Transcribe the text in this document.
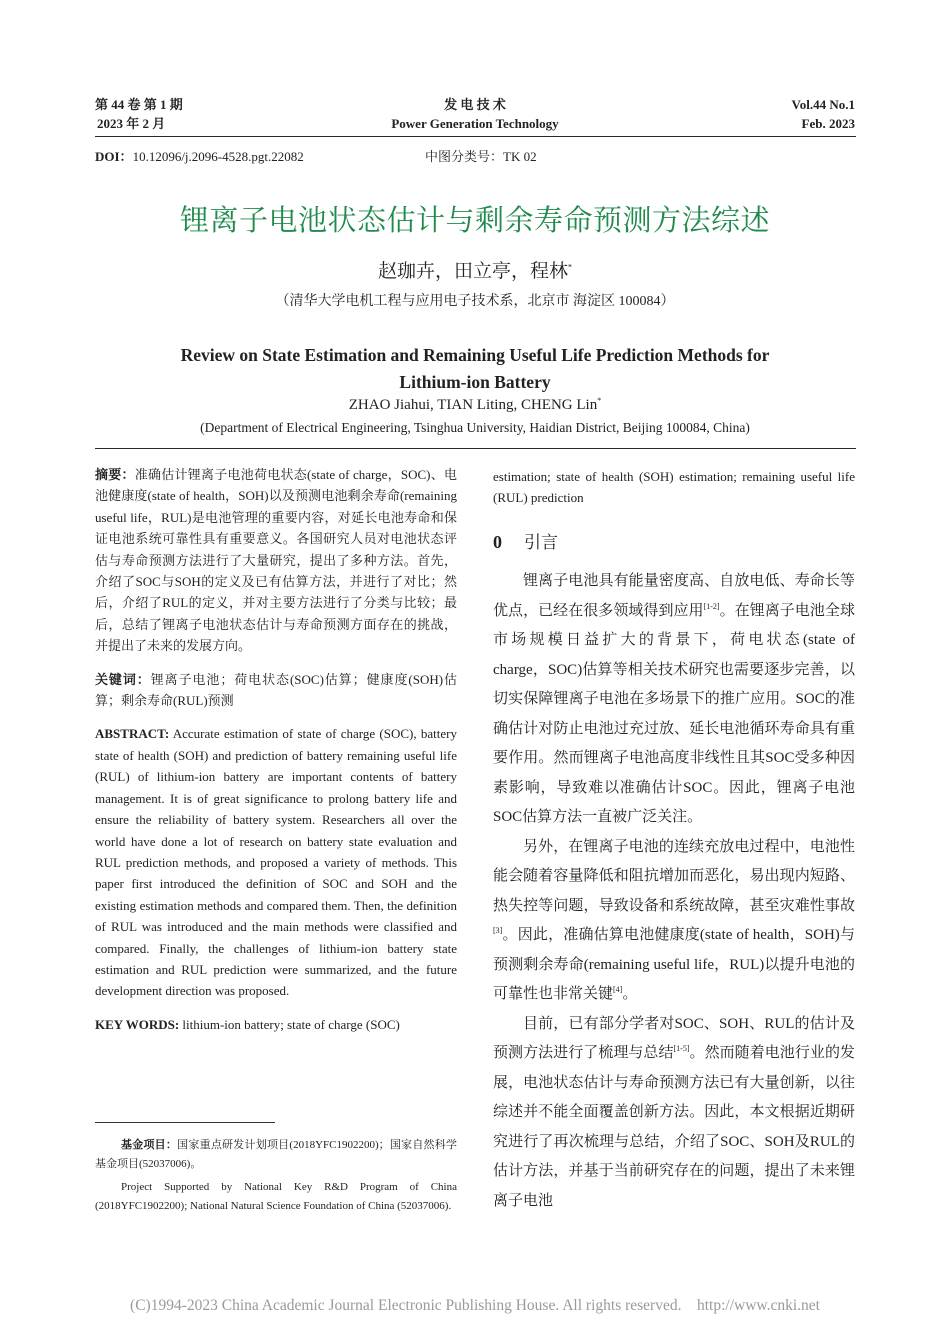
第 44 卷 第 1 期
2023 年 2 月
发 电 技 术
Power Generation Technology
Vol.44 No.1
Feb. 2023
DOI：10.12096/j.2096-4528.pgt.22082	中图分类号：TK 02
锂离子电池状态估计与剩余寿命预测方法综述
赵珈卉，田立亭，程林*
（清华大学电机工程与应用电子技术系，北京市 海淀区 100084）
Review on State Estimation and Remaining Useful Life Prediction Methods for
Lithium-ion Battery
ZHAO Jiahui, TIAN Liting, CHENG Lin*
(Department of Electrical Engineering, Tsinghua University, Haidian District, Beijing 100084, China)

摘要：准确估计锂离子电池荷电状态(state of charge，SOC)、电池健康度(state of health，SOH)以及预测电池剩余寿命(remaining useful life，RUL)是电池管理的重要内容，对延长电池寿命和保证电池系统可靠性具有重要意义。各国研究人员对电池状态评估与寿命预测方法进行了大量研究，提出了多种方法。首先，介绍了SOC与SOH的定义及已有估算方法，并进行了对比；然后，介绍了RUL的定义，并对主要方法进行了分类与比较；最后，总结了锂离子电池状态估计与寿命预测方面存在的挑战，并提出了未来的发展方向。

关键词：锂离子电池；荷电状态(SOC)估算；健康度(SOH)估算；剩余寿命(RUL)预测

ABSTRACT: Accurate estimation of state of charge (SOC), battery state of health (SOH) and prediction of battery remaining useful life (RUL) of lithium-ion battery are important contents of battery management. It is of great significance to prolong battery life and ensure the reliability of battery system. Researchers all over the world have done a lot of research on battery state evaluation and RUL prediction methods, and proposed a variety of methods. This paper first introduced the definition of SOC and SOH and the existing estimation methods and compared them. Then, the definition of RUL was introduced and the main methods were classified and compared. Finally, the challenges of lithium-ion battery state estimation and RUL prediction were summarized, and the future development direction was proposed.

KEY WORDS: lithium-ion battery; state of charge (SOC)

基金项目：国家重点研发计划项目(2018YFC1902200)；国家自然科学基金项目(52037006)。
Project Supported by National Key R&D Program of China (2018YFC1902200); National Natural Science Foundation of China (52037006).
estimation; state of health (SOH) estimation; remaining useful life (RUL) prediction
0 引言

锂离子电池具有能量密度高、自放电低、寿命长等优点，已经在很多领域得到应用[1-2]。在锂离子电池全球市场规模日益扩大的背景下，荷电状态(state of charge，SOC)估算等相关技术研究也需要逐步完善，以切实保障锂离子电池在多场景下的推广应用。SOC的准确估计对防止电池过充过放、延长电池循环寿命具有重要作用。然而锂离子电池高度非线性且其SOC受多种因素影响，导致难以准确估计SOC。因此，锂离子电池SOC估算方法一直被广泛关注。

另外，在锂离子电池的连续充放电过程中，电池性能会随着容量降低和阻抗增加而恶化，易出现内短路、热失控等问题，导致设备和系统故障，甚至灾难性事故[3]。因此，准确估算电池健康度(state of health，SOH)与预测剩余寿命(remaining useful life，RUL)以提升电池的可靠性也非常关键[4]。

目前，已有部分学者对SOC、SOH、RUL的估计及预测方法进行了梳理与总结[1-5]。然而随着电池行业的发展，电池状态估计与寿命预测方法已有大量创新，以往综述并不能全面覆盖创新方法。因此，本文根据近期研究进行了再次梳理与总结，介绍了SOC、SOH及RUL的估计方法，并基于当前研究存在的问题，提出了未来锂离子电池

(C)1994-2023 China Academic Journal Electronic Publishing House. All rights reserved.    http://www.cnki.net
